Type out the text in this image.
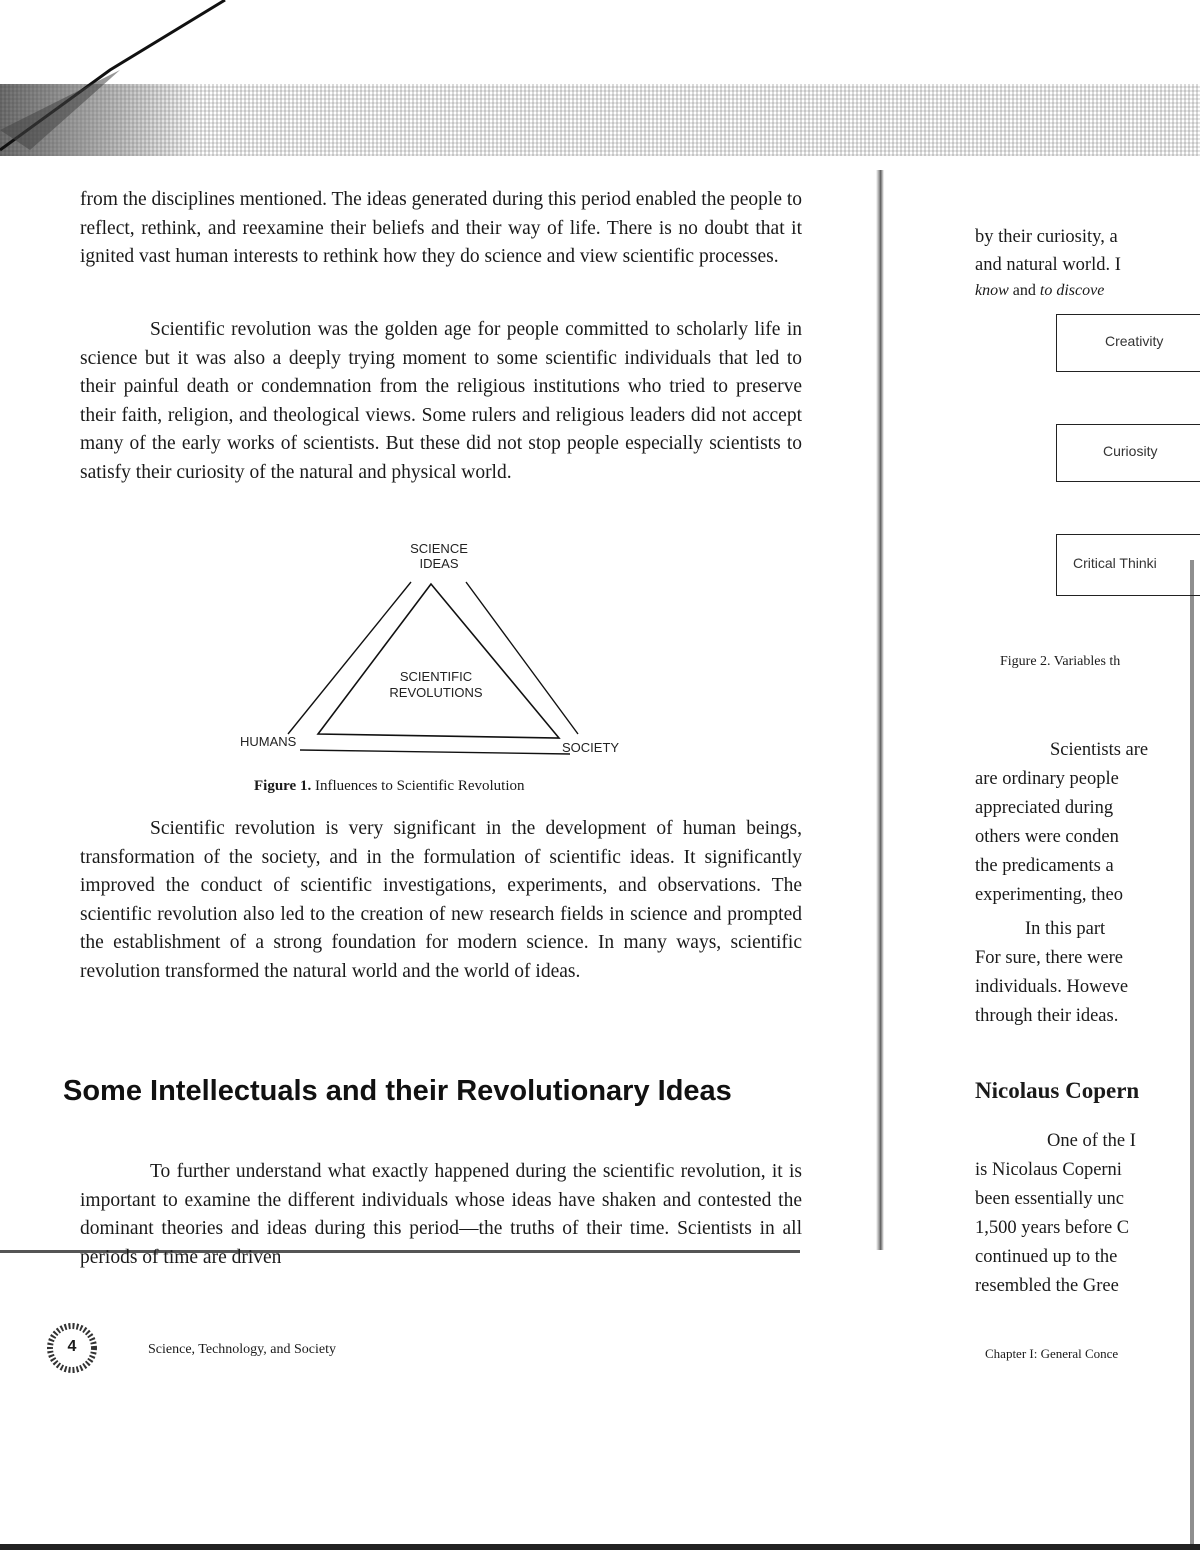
from the disciplines mentioned. The ideas generated during this period enabled the people to reflect, rethink, and reexamine their beliefs and their way of life. There is no doubt that it ignited vast human interests to rethink how they do science and view scientific processes.

Scientific revolution was the golden age for people committed to scholarly life in science but it was also a deeply trying moment to some scientific individuals that led to their painful death or condemnation from the religious institutions who tried to preserve their faith, religion, and theological views. Some rulers and religious leaders did not accept many of the early works of scientists. But these did not stop people especially scientists to satisfy their curiosity of the natural and physical world.

SCIENCE
IDEAS
SCIENTIFIC
REVOLUTIONS
HUMANS	SOCIETY
Figure 1. Influences to Scientific Revolution

Scientific revolution is very significant in the development of human beings, transformation of the society, and in the formulation of scientific ideas. It significantly improved the conduct of scientific investigations, experiments, and observations. The scientific revolution also led to the creation of new research fields in science and prompted the establishment of a strong foundation for modern science. In many ways, scientific revolution transformed the natural world and the world of ideas.

Some Intellectuals and their Revolutionary Ideas

To further understand what exactly happened during the scientific revolution, it is important to examine the different individuals whose ideas have shaken and contested the dominant theories and ideas during this period—the truths of their time. Scientists in all periods of time are driven

4	Science, Technology, and Society
by their curiosity, a
and natural world. I
know and to discove
Creativity
Curiosity
Critical Thinki
Figure 2. Variables th
Scientists are
are ordinary people
appreciated during
others were conden
the predicaments a
experimenting, theo
In this part
For sure, there were
individuals. Howeve
through their ideas.
Nicolaus Copern
One of the I
is Nicolaus Coperni
been essentially unc
1,500 years before C
continued up to the
resembled the Gree
Chapter I: General Conce
